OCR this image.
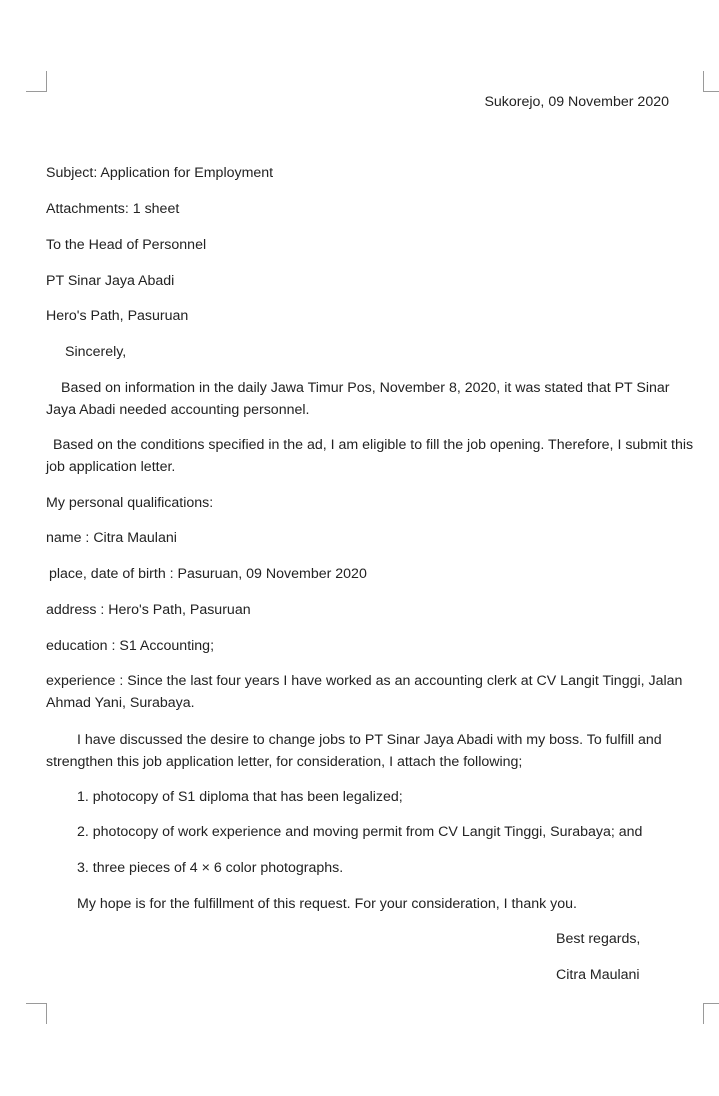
Sukorejo, 09 November 2020
Subject: Application for Employment
Attachments: 1 sheet
To the Head of Personnel
PT Sinar Jaya Abadi
Hero's Path, Pasuruan
Sincerely,
Based on information in the daily Jawa Timur Pos, November 8, 2020, it was stated that PT Sinar Jaya Abadi needed accounting personnel.
Based on the conditions specified in the ad, I am eligible to fill the job opening. Therefore, I submit this job application letter.
My personal qualifications:
name : Citra Maulani
place, date of birth : Pasuruan, 09 November 2020
address : Hero's Path, Pasuruan
education : S1 Accounting;
experience : Since the last four years I have worked as an accounting clerk at CV Langit Tinggi, Jalan Ahmad Yani, Surabaya.
I have discussed the desire to change jobs to PT Sinar Jaya Abadi with my boss. To fulfill and strengthen this job application letter, for consideration, I attach the following;
1. photocopy of S1 diploma that has been legalized;
2. photocopy of work experience and moving permit from CV Langit Tinggi, Surabaya; and
3. three pieces of 4 × 6 color photographs.
My hope is for the fulfillment of this request. For your consideration, I thank you.
Best regards,
Citra Maulani
